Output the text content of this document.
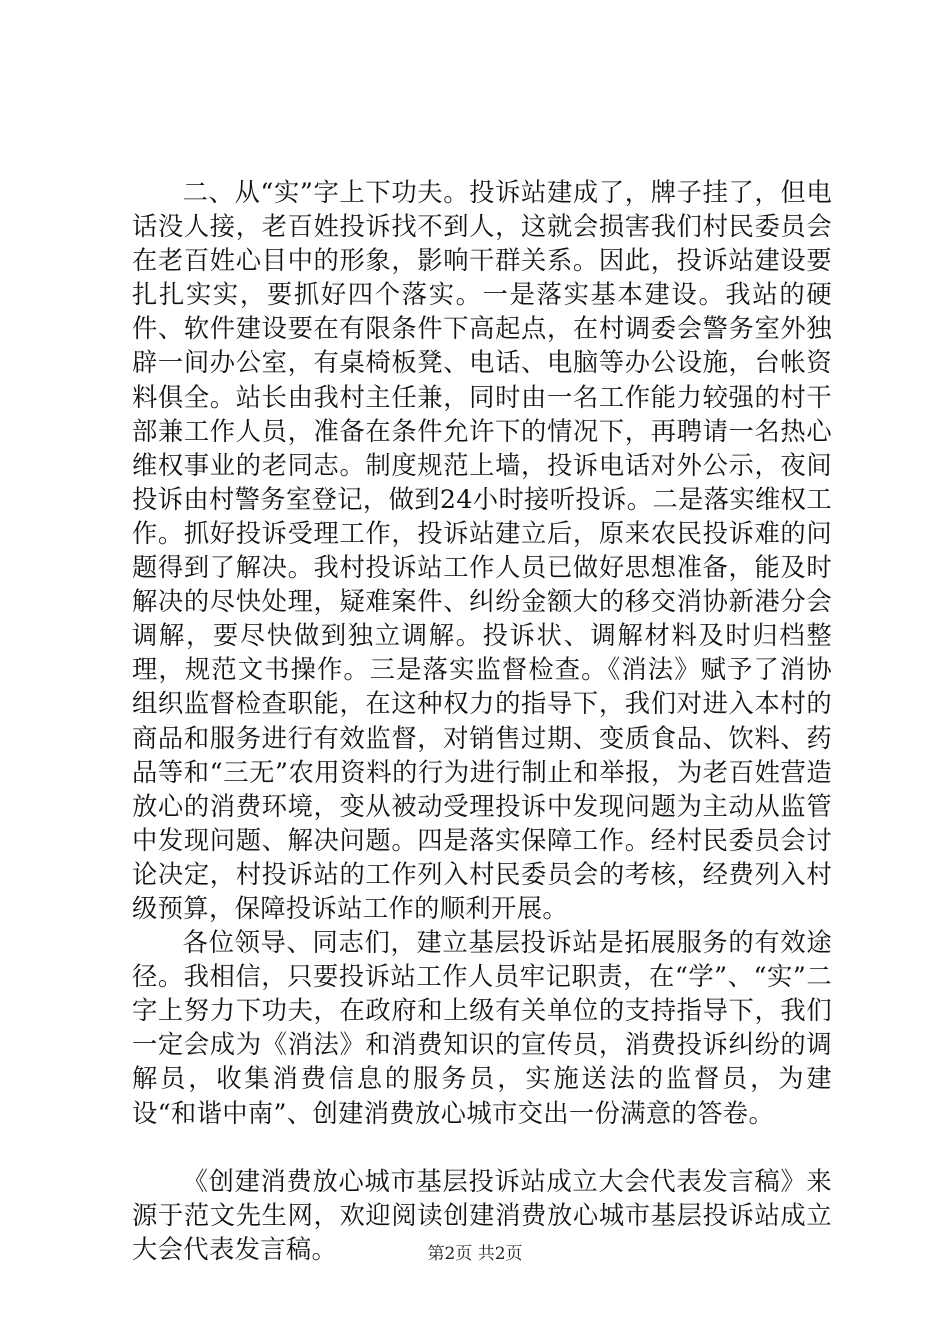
二、从“实”字上下功夫。投诉站建成了，牌子挂了，但电话没人接，老百姓投诉找不到人，这就会损害我们村民委员会在老百姓心目中的形象，影响干群关系。因此，投诉站建设要扎扎实实，要抓好四个落实。一是落实基本建设。我站的硬件、软件建设要在有限条件下高起点，在村调委会警务室外独辟一间办公室，有桌椅板凳、电话、电脑等办公设施，台帐资料俱全。站长由我村主任兼，同时由一名工作能力较强的村干部兼工作人员，准备在条件允许下的情况下，再聘请一名热心维权事业的老同志。制度规范上墙，投诉电话对外公示，夜间投诉由村警务室登记，做到24小时接听投诉。二是落实维权工作。抓好投诉受理工作，投诉站建立后，原来农民投诉难的问题得到了解决。我村投诉站工作人员已做好思想准备，能及时解决的尽快处理，疑难案件、纠纷金额大的移交消协新港分会调解，要尽快做到独立调解。投诉状、调解材料及时归档整理，规范文书操作。三是落实监督检查。《消法》赋予了消协组织监督检查职能，在这种权力的指导下，我们对进入本村的商品和服务进行有效监督，对销售过期、变质食品、饮料、药品等和“三无”农用资料的行为进行制止和举报，为老百姓营造放心的消费环境，变从被动受理投诉中发现问题为主动从监管中发现问题、解决问题。四是落实保障工作。经村民委员会讨论决定，村投诉站的工作列入村民委员会的考核，经费列入村级预算，保障投诉站工作的顺利开展。

各位领导、同志们，建立基层投诉站是拓展服务的有效途径。我相信，只要投诉站工作人员牢记职责，在“学”、“实”二字上努力下功夫，在政府和上级有关单位的支持指导下，我们一定会成为《消法》和消费知识的宣传员，消费投诉纠纷的调解员，收集消费信息的服务员，实施送法的监督员，为建设“和谐中南”、创建消费放心城市交出一份满意的答卷。

《创建消费放心城市基层投诉站成立大会代表发言稿》来源于范文先生网，欢迎阅读创建消费放心城市基层投诉站成立大会代表发言稿。	第2页 共2页
